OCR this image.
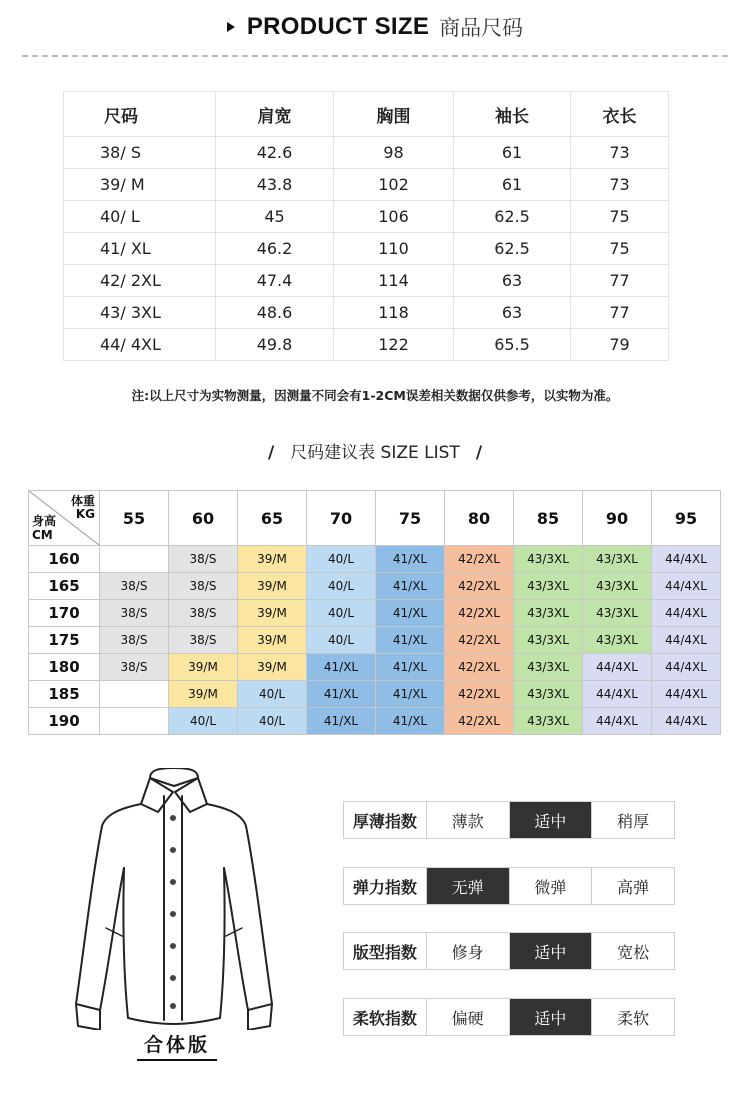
PRODUCT SIZE 商品尺码
尺码	肩宽	胸围	袖长	衣长
38/ S	42.6	98	61	73
39/ M	43.8	102	61	73
40/ L	45	106	62.5	75
41/ XL	46.2	110	62.5	75
42/ 2XL	47.4	114	63	77
43/ 3XL	48.6	118	63	77
44/ 4XL	49.8	122	65.5	79
注:以上尺寸为实物测量，因测量不同会有1-2CM误差相关数据仅供参考，以实物为准。
/ 尺码建议表 SIZE LIST /
体重
KG
身高
CM	55	60	65	70	75	80	85	90	95
160		38/S	39/M	40/L	41/XL	42/2XL	43/3XL	43/3XL	44/4XL
165	38/S	38/S	39/M	40/L	41/XL	42/2XL	43/3XL	43/3XL	44/4XL
170	38/S	38/S	39/M	40/L	41/XL	42/2XL	43/3XL	43/3XL	44/4XL
175	38/S	38/S	39/M	40/L	41/XL	42/2XL	43/3XL	43/3XL	44/4XL
180	38/S	39/M	39/M	41/XL	41/XL	42/2XL	43/3XL	44/4XL	44/4XL
185		39/M	40/L	41/XL	41/XL	42/2XL	43/3XL	44/4XL	44/4XL
190		40/L	40/L	41/XL	41/XL	42/2XL	43/3XL	44/4XL	44/4XL
合体版
厚薄指数	薄款	适中	稍厚
弹力指数	无弹	微弹	高弹
版型指数	修身	适中	宽松
柔软指数	偏硬	适中	柔软
